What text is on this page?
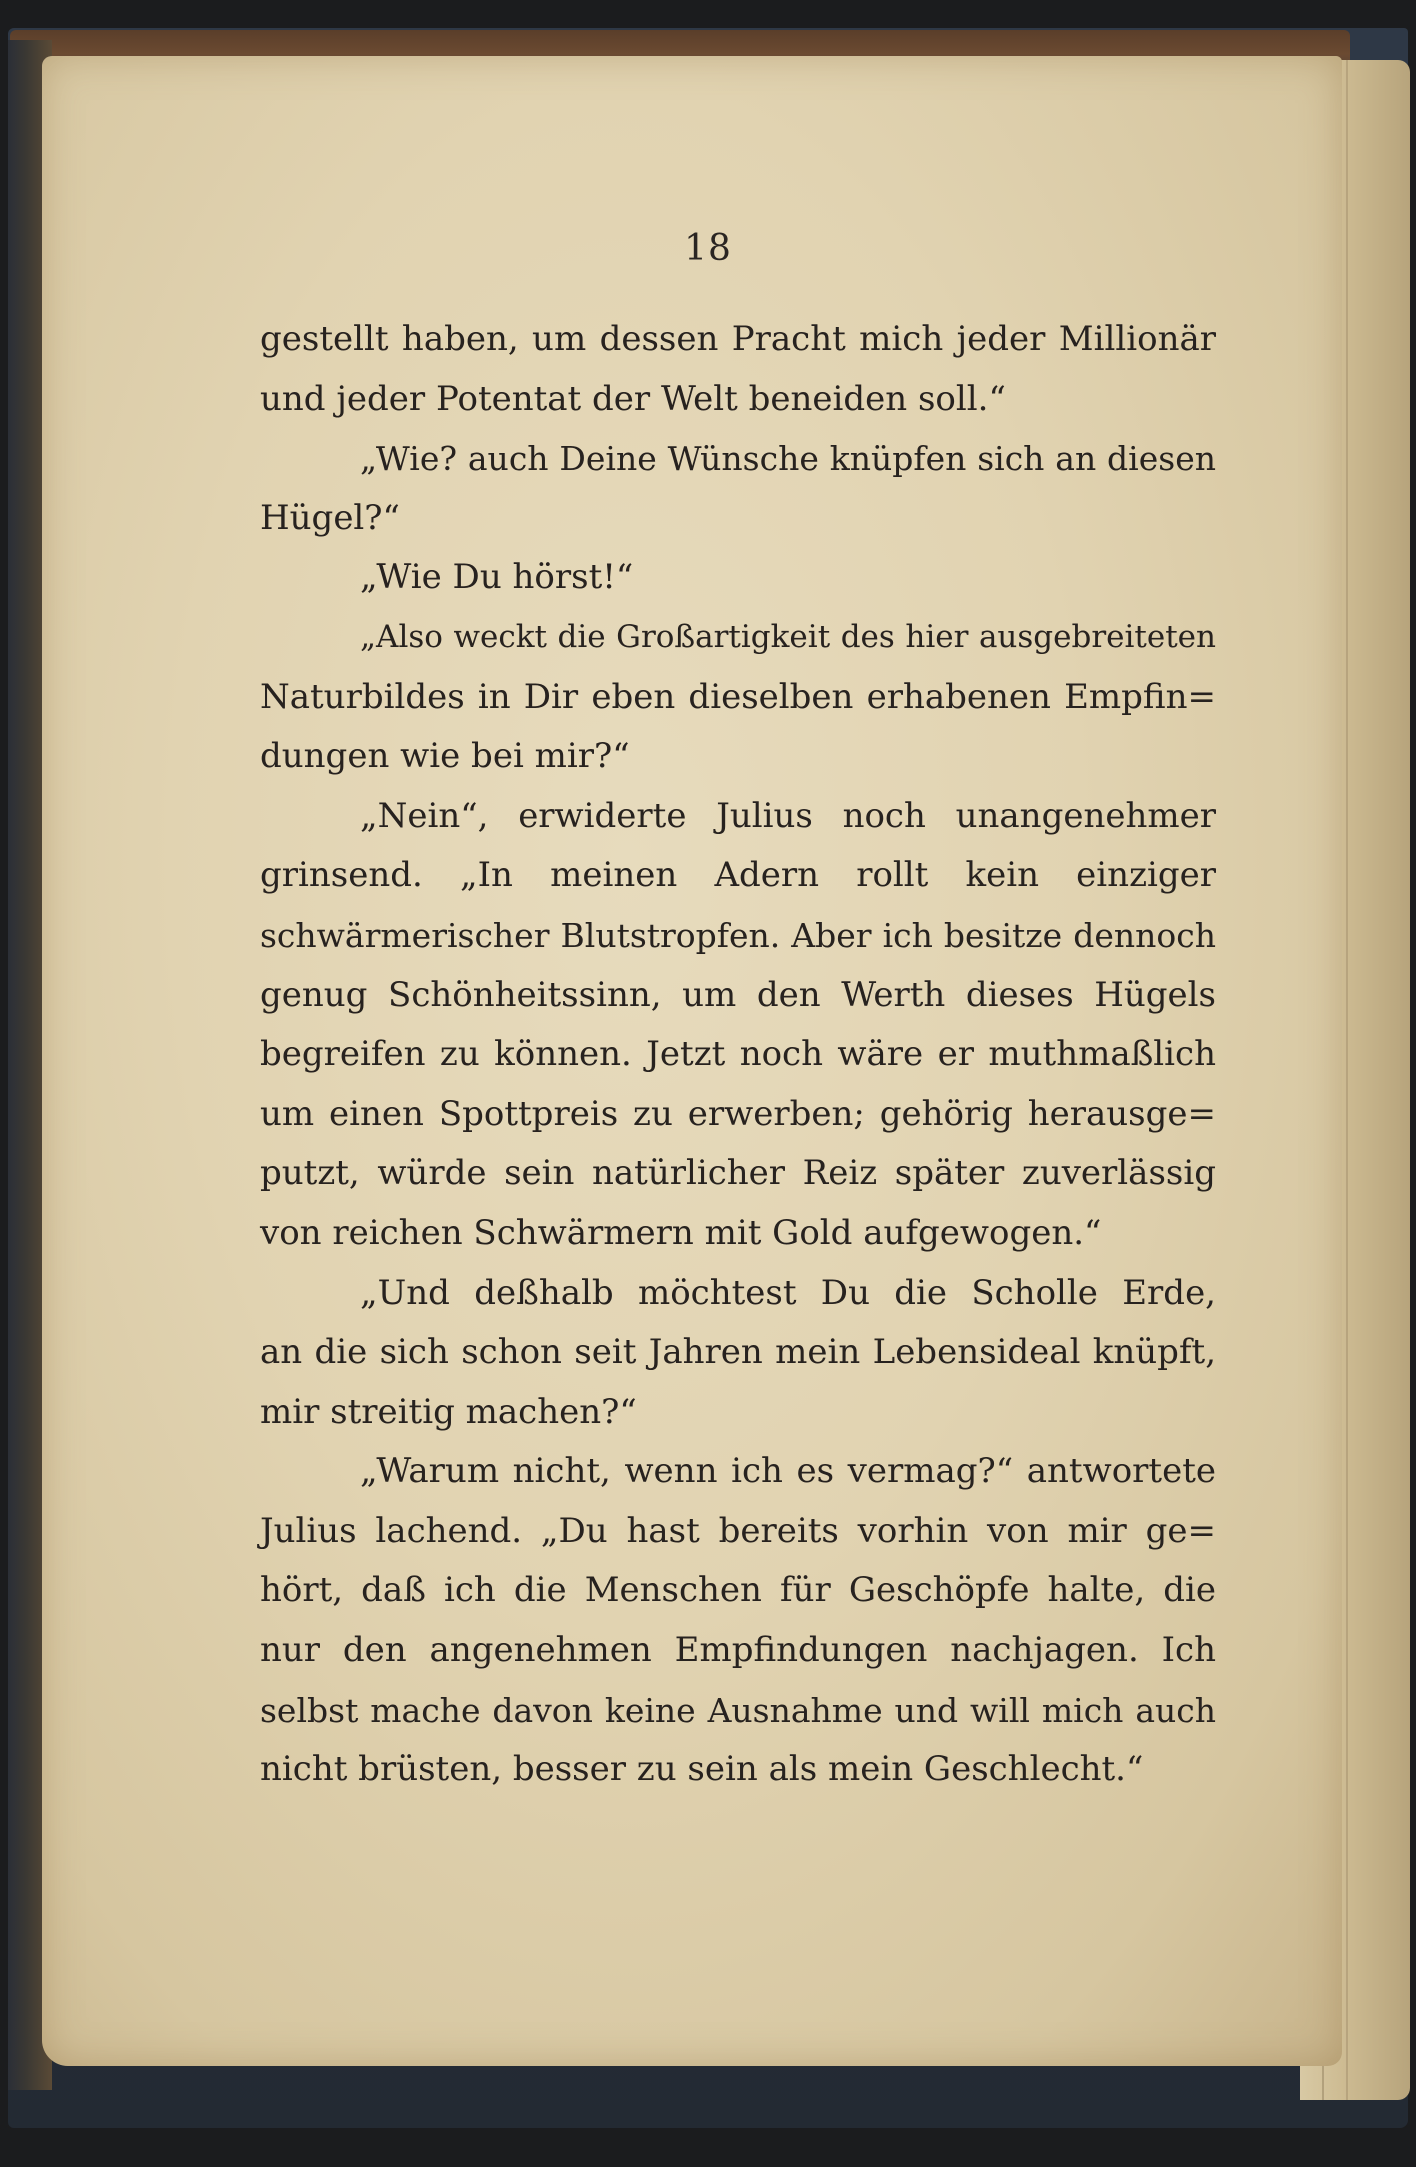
18
gestellt haben, um dessen Pracht mich jeder Millionär
und jeder Potentat der Welt beneiden soll.“
„Wie? auch Deine Wünsche knüpfen sich an diesen
Hügel?“
„Wie Du hörst!“
„Also weckt die Großartigkeit des hier ausgebreiteten
Naturbildes in Dir eben dieselben erhabenen Empfin=
dungen wie bei mir?“
„Nein“, erwiderte Julius noch unangenehmer
grinsend. „In meinen Adern rollt kein einziger
schwärmerischer Blutstropfen. Aber ich besitze dennoch
genug Schönheitssinn, um den Werth dieses Hügels
begreifen zu können. Jetzt noch wäre er muthmaßlich
um einen Spottpreis zu erwerben; gehörig herausge=
putzt, würde sein natürlicher Reiz später zuverlässig
von reichen Schwärmern mit Gold aufgewogen.“
„Und deßhalb möchtest Du die Scholle Erde,
an die sich schon seit Jahren mein Lebensideal knüpft,
mir streitig machen?“
„Warum nicht, wenn ich es vermag?“ antwortete
Julius lachend. „Du hast bereits vorhin von mir ge=
hört, daß ich die Menschen für Geschöpfe halte, die
nur den angenehmen Empfindungen nachjagen. Ich
selbst mache davon keine Ausnahme und will mich auch
nicht brüsten, besser zu sein als mein Geschlecht.“
